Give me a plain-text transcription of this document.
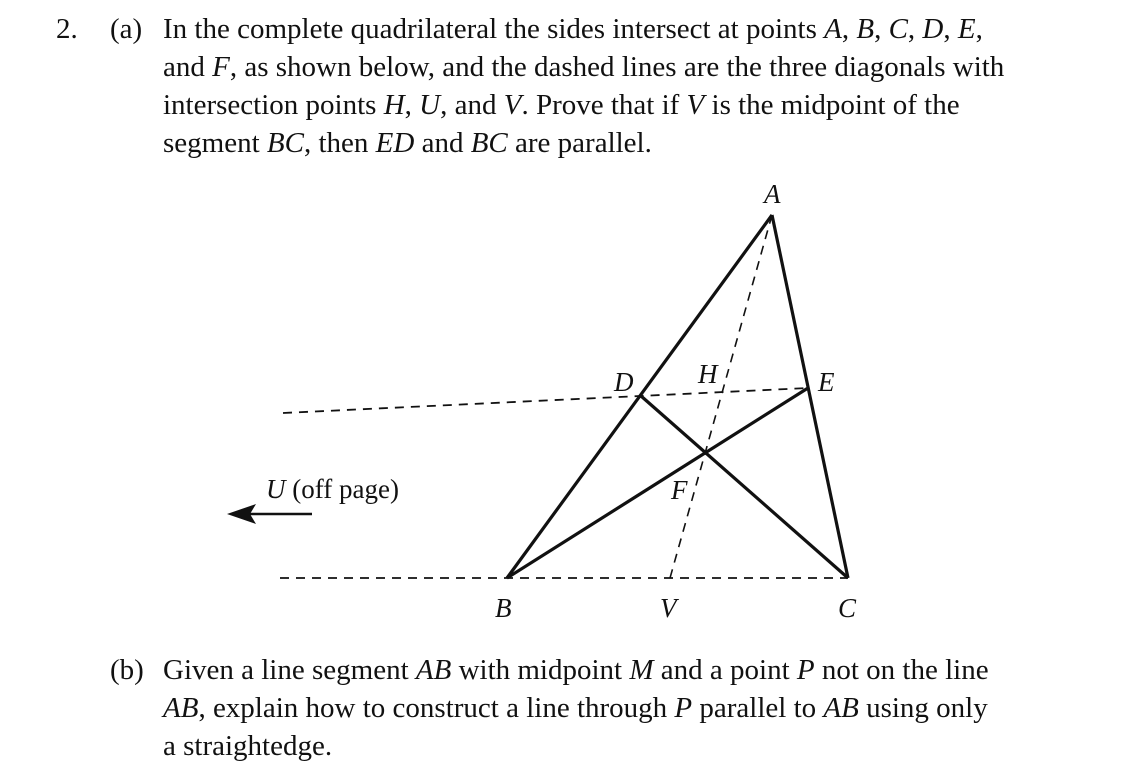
2. (a) In the complete quadrilateral the sides intersect at points A, B, C, D, E,
and F, as shown below, and the dashed lines are the three diagonals with
intersection points H, U, and V. Prove that if V is the midpoint of the
segment BC, then ED and BC are parallel.
A
D H	E
F
B	V	C
U (off page)
(b) Given a line segment AB with midpoint M and a point P not on the line
AB, explain how to construct a line through P parallel to AB using only
a straightedge.
